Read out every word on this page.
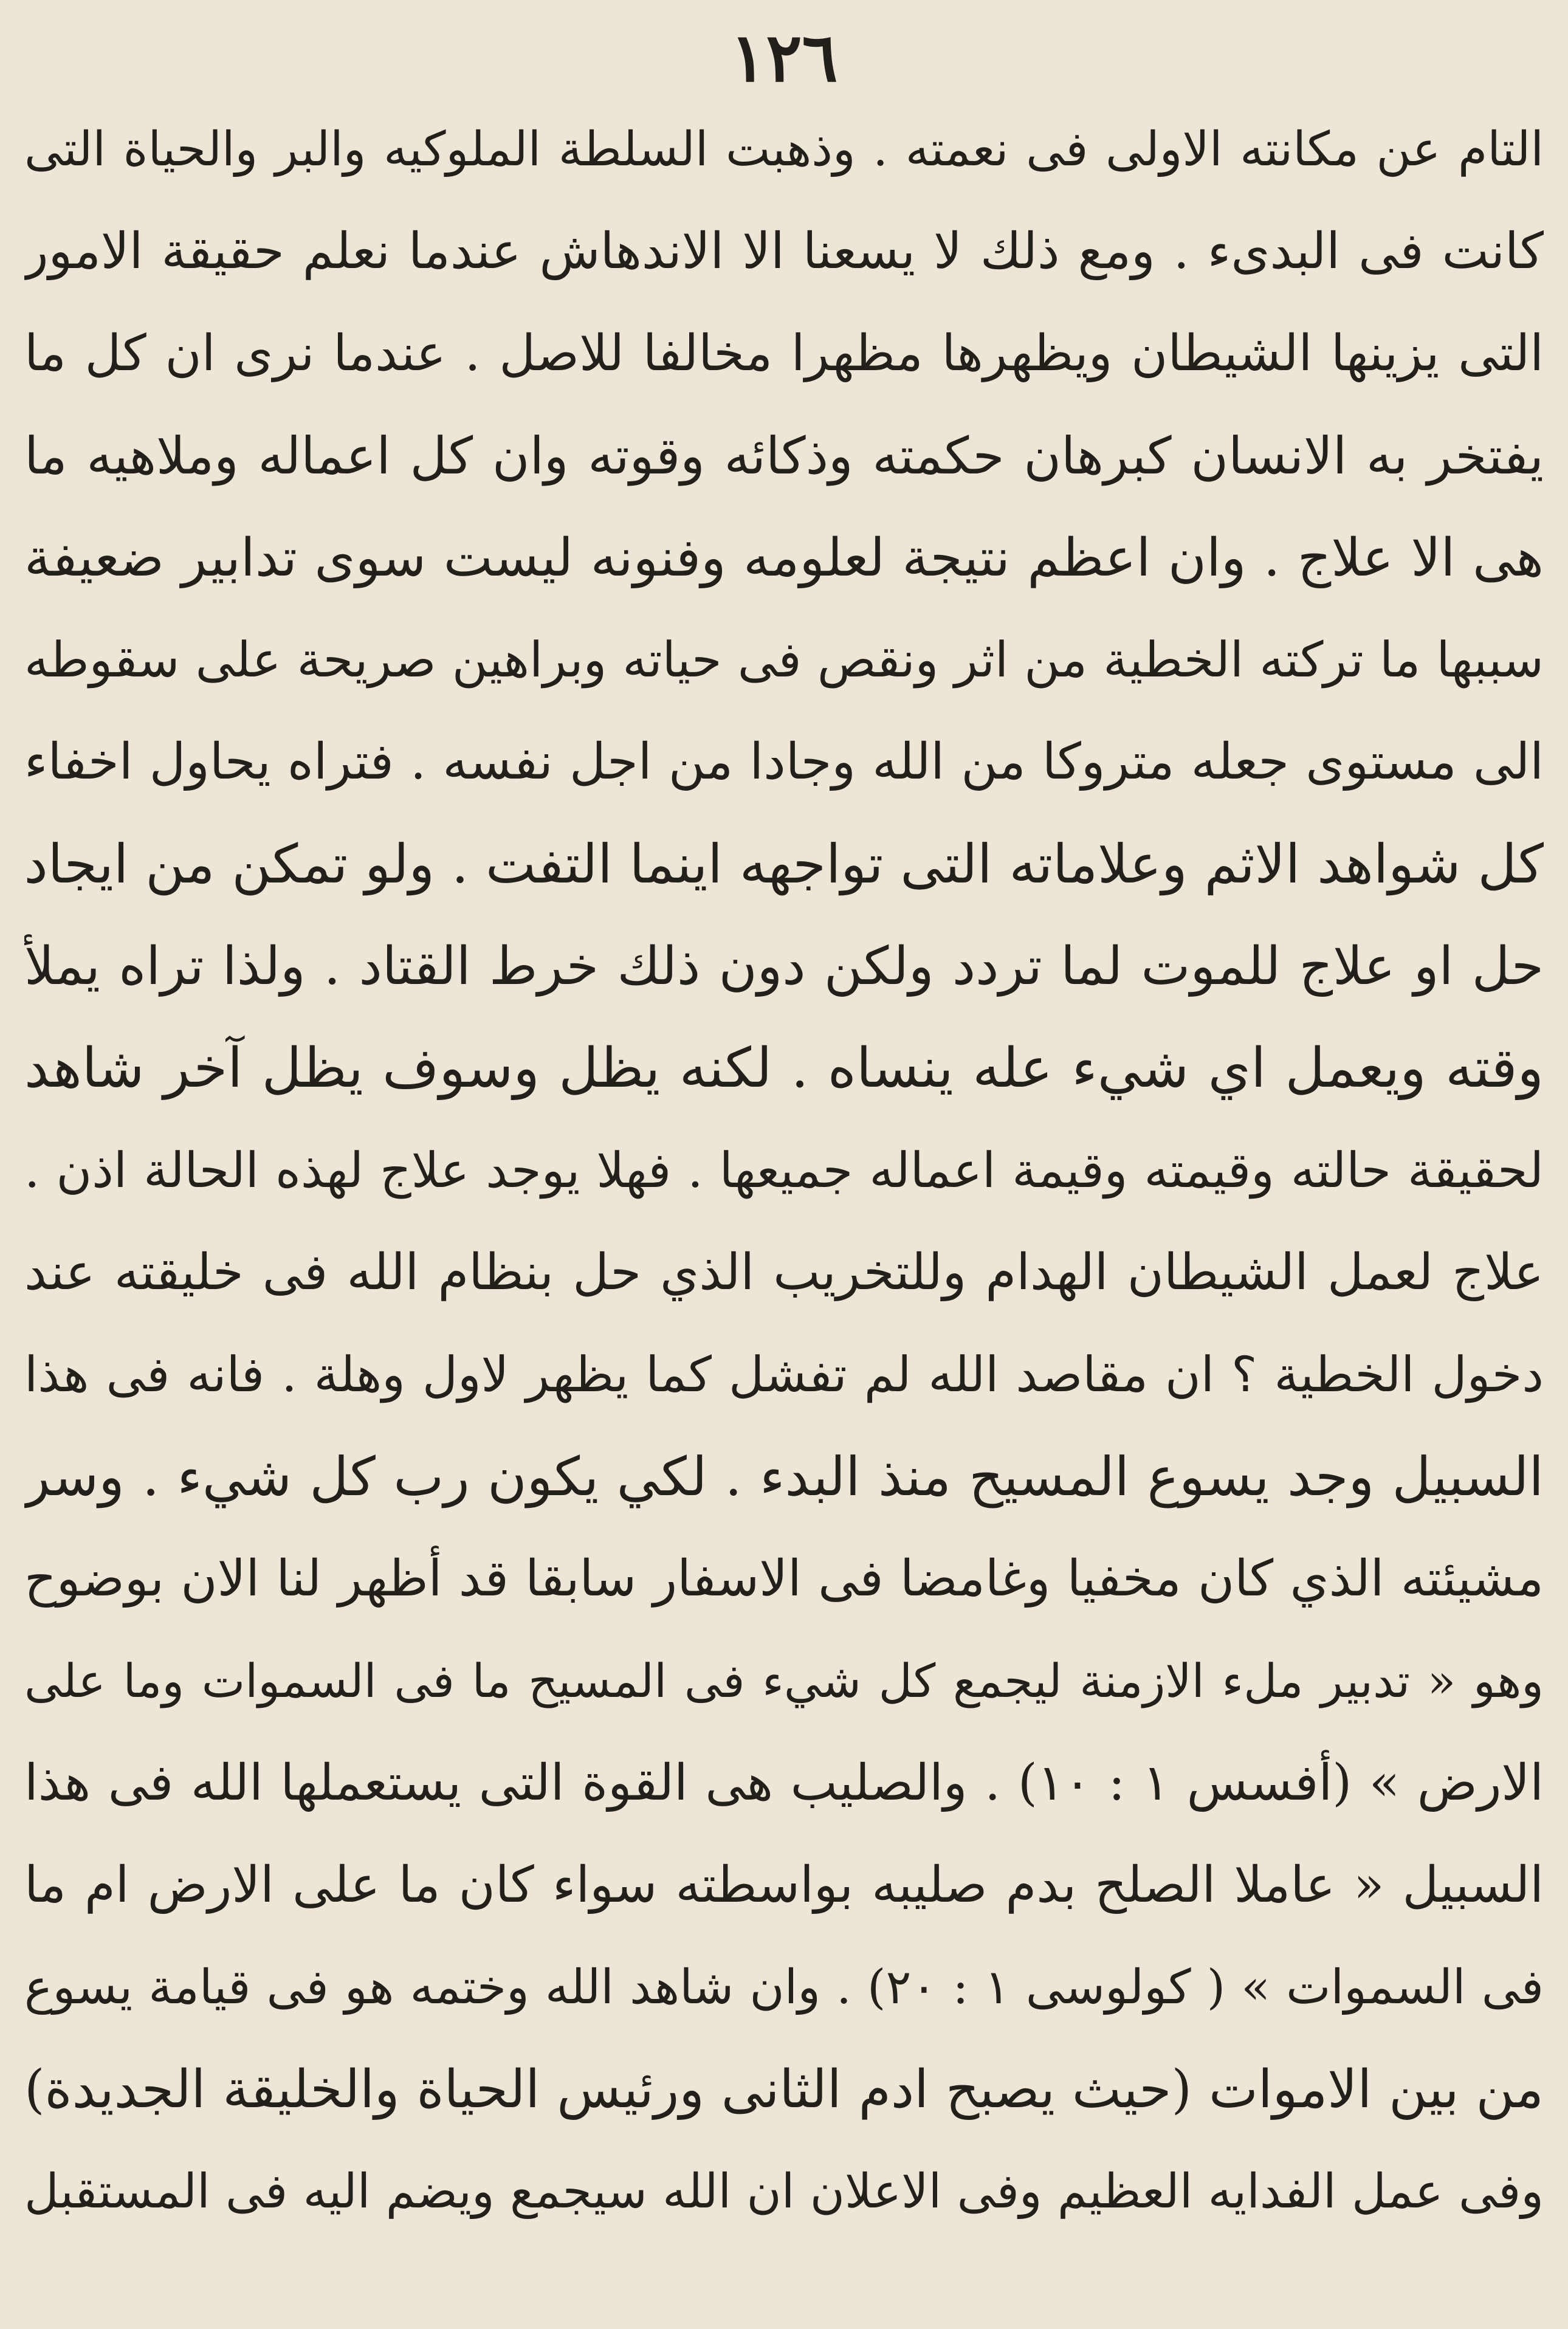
١٢٦
التام عن مكانته الاولى فى نعمته . وذهبت السلطة الملوكيه والبر والحياة التى
كانت فى البدىء . ومع ذلك لا يسعنا الا الاندهاش عندما نعلم حقيقة الامور
التى يزينها الشيطان ويظهرها مظهرا مخالفا للاصل . عندما نرى ان كل ما
يفتخر به الانسان كبرهان حكمته وذكائه وقوته وان كل اعماله وملاهيه ما
هى الا علاج . وان اعظم نتيجة لعلومه وفنونه ليست سوى تدابير ضعيفة
سببها ما تركته الخطية من اثر ونقص فى حياته وبراهين صريحة على سقوطه
الى مستوى جعله متروكا من الله وجادا من اجل نفسه . فتراه يحاول اخفاء
كل شواهد الاثم وعلاماته التى تواجهه اينما التفت . ولو تمكن من ايجاد
حل او علاج للموت لما تردد ولكن دون ذلك خرط القتاد . ولذا تراه يملأ
وقته ويعمل اي شيء عله ينساه . لكنه يظل وسوف يظل آخر شاهد
لحقيقة حالته وقيمته وقيمة اعماله جميعها . فهلا يوجد علاج لهذه الحالة اذن .
علاج لعمل الشيطان الهدام وللتخريب الذي حل بنظام الله فى خليقته عند
دخول الخطية ؟ ان مقاصد الله لم تفشل كما يظهر لاول وهلة . فانه فى هذا
السبيل وجد يسوع المسيح منذ البدء . لكي يكون رب كل شيء . وسر
مشيئته الذي كان مخفيا وغامضا فى الاسفار سابقا قد أظهر لنا الان بوضوح
وهو « تدبير ملء الازمنة ليجمع كل شيء فى المسيح ما فى السموات وما على
الارض » (أفسس ١ : ١٠) . والصليب هى القوة التى يستعملها الله فى هذا
السبيل « عاملا الصلح بدم صليبه بواسطته سواء كان ما على الارض ام ما
فى السموات » ( كولوسى ١ : ٢٠) . وان شاهد الله وختمه هو فى قيامة يسوع
من بين الاموات (حيث يصبح ادم الثانى ورئيس الحياة والخليقة الجديدة)
وفى عمل الفدايه العظيم وفى الاعلان ان الله سيجمع ويضم اليه فى المستقبل
